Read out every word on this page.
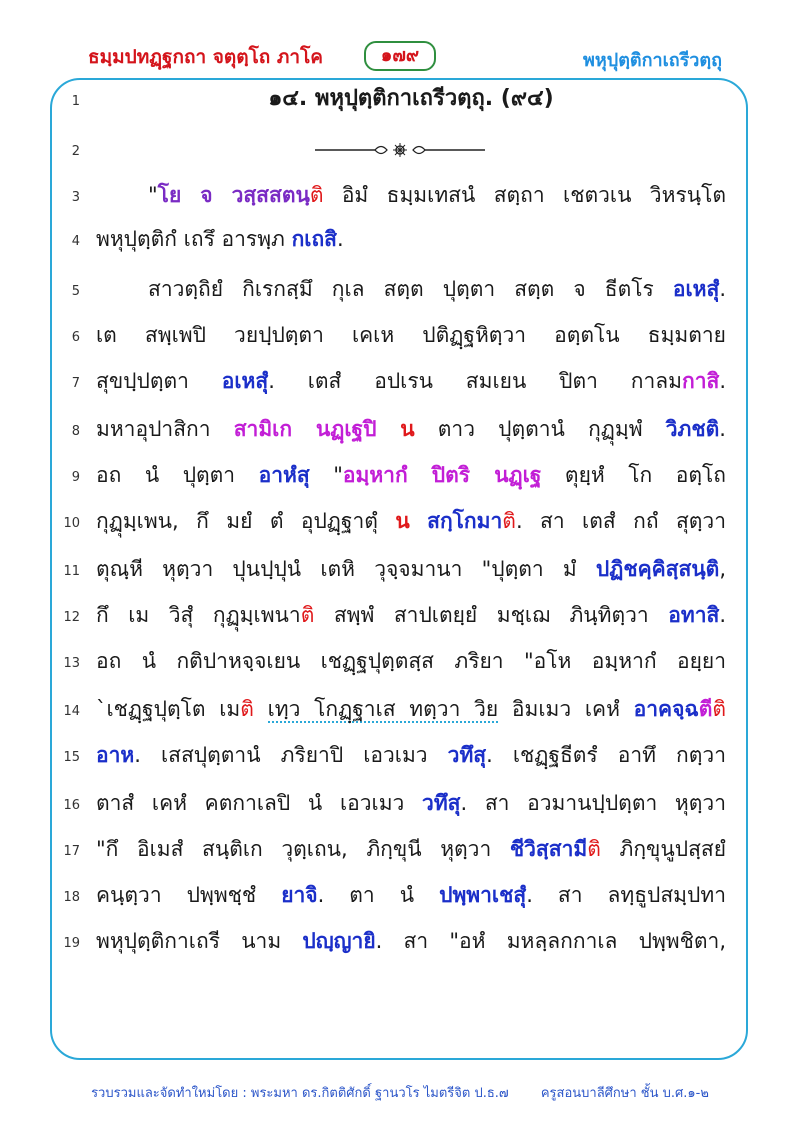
ธมฺมปทฏฺฐกถา จตุตฺโถ ภาโค	๑๗๙	พหุปุตฺติกาเถรีวตฺถุ
1	๑๔. พหุปุตฺติกาเถรีวตฺถุ. (๙๔)
2
3	"โย จ วสฺสสตนฺติ อิมํ ธมฺมเทสนํ สตฺถา เชตวเน วิหรนฺโต
4 พหุปุตฺติกํ เถรึ อารพฺภ กเถสิ.
5	สาวตฺถิยํ กิเรกสฺมึ กุเล สตฺต ปุตฺตา สตฺต จ ธีตโร อเหสุํ.
6 เต สพฺเพปิ วยปฺปตฺตา เคเห ปติฏฺฐหิตฺวา อตฺตโน ธมฺมตาย
7 สุขปฺปตฺตา อเหสุํ. เตสํ อปเรน สมเยน ปิตา กาลมกาสิ.
8 มหาอุปาสิกา สามิเก นฏฺเฐปิ น ตาว ปุตฺตานํ กุฏุมฺพํ วิภชติ.
9 อถ นํ ปุตฺตา อาหํสุ "อมฺหากํ ปิตริ นฏฺเฐ ตุยฺหํ โก อตฺโถ
10 กุฏุมฺเพน, กึ มยํ ตํ อุปฏฺฐาตุํ น สกฺโกมาติ. สา เตสํ กถํ สุตฺวา
11 ตุณฺหี หุตฺวา ปุนปฺปุนํ เตหิ วุจฺจมานา "ปุตฺตา มํ ปฏิชคฺคิสฺสนฺติ,
12 กึ เม วิสุํ กุฏุมฺเพนาติ สพฺพํ สาปเตยฺยํ มชฺเฌ ภินฺทิตฺวา อทาสิ.
13 อถ นํ กติปาหจฺจเยน เชฏฺฐปุตฺตสฺส ภริยา "อโห อมฺหากํ อยฺยา
14 `เชฏฺฐปุตฺโต เมติ เทฺว โกฏฺฐาเส ทตฺวา วิย อิมเมว เคหํ อาคจฺฉตีติ
15 อาห. เสสปุตฺตานํ ภริยาปิ เอวเมว วทึสุ. เชฏฺฐธีตรํ อาทึ กตฺวา
16 ตาสํ เคหํ คตกาเลปิ นํ เอวเมว วทึสุ. สา อวมานปฺปตฺตา หุตฺวา
17 "กึ อิเมสํ สนฺติเก วุตฺเถน, ภิกฺขุนี หุตฺวา ชีวิสฺสามีติ ภิกฺขุนูปสฺสยํ
18 คนฺตฺวา ปพฺพชฺชํ ยาจิ. ตา นํ ปพฺพาเชสุํ. สา ลทฺธูปสมฺปทา
19 พหุปุตฺติกาเถรี นาม ปญฺญายิ. สา "อหํ มหลฺลกกาเล ปพฺพชิตา,
รวบรวมและจัดทำใหม่โดย : พระมหา ดร.กิตติศักดิ์ ฐานวโร ไมตรีจิต ป.ธ.๗ ครูสอนบาลีศึกษา ชั้น บ.ศ.๑-๒
